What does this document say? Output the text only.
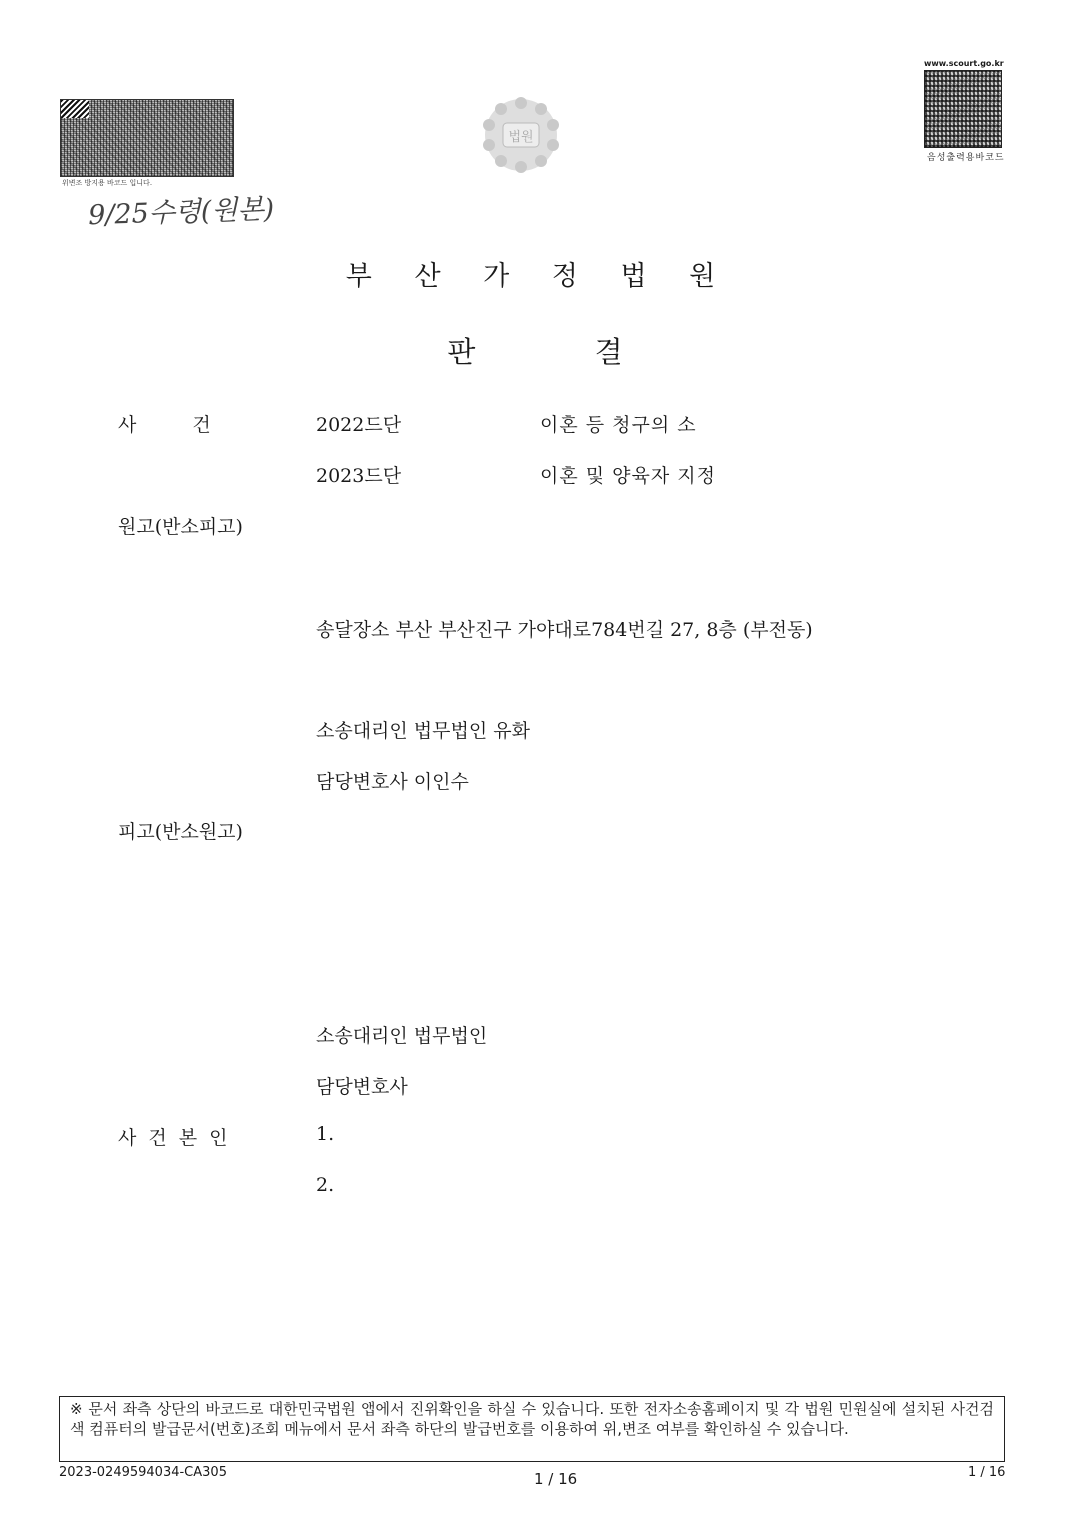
위변조 방지용 바코드 입니다.
9/25수령(원본)
법원
www.scourt.go.kr
음성출력용바코드
부 산 가 정 법 원
판 결
사 건	2022드단	이혼 등 청구의 소
2023드단	이혼 및 양육자 지정
원고(반소피고)
송달장소 부산 부산진구 가야대로784번길 27, 8층 (부전동)
소송대리인 법무법인 유화
담당변호사 이인수
피고(반소원고)
소송대리인 법무법인
담당변호사
사 건 본 인	1.
2.
※ 문서 좌측 상단의 바코드로 대한민국법원 앱에서 진위확인을 하실 수 있습니다. 또한 전자소송홈페이지 및 각 법원 민원실에 설치된 사건검색 컴퓨터의 발급문서(번호)조회 메뉴에서 문서 좌측 하단의 발급번호를 이용하여 위,변조 여부를 확인하실 수 있습니다.
2023-0249594034-CA305	1 / 16	1 / 16
